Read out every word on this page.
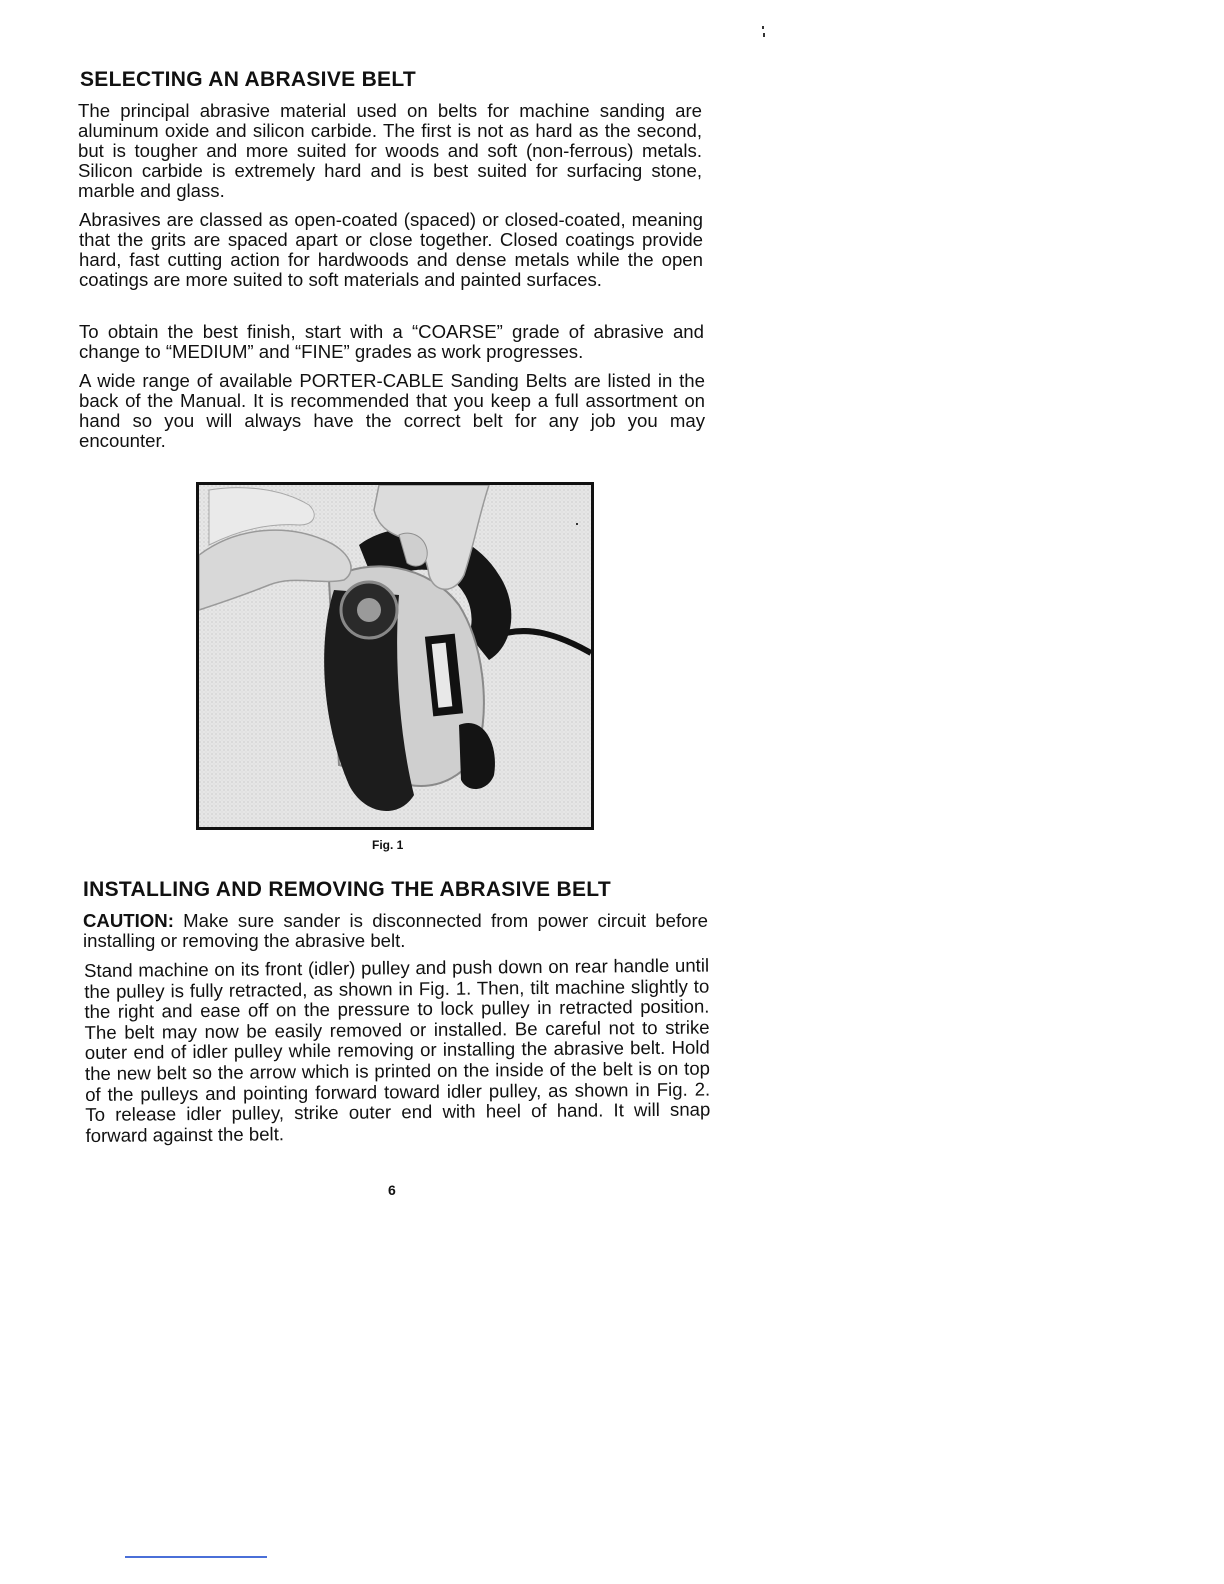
SELECTING AN ABRASIVE BELT

The principal abrasive material used on belts for machine sanding are aluminum oxide and silicon carbide. The first is not as hard as the second, but is tougher and more suited for woods and soft (non-ferrous) metals. Silicon carbide is extremely hard and is best suited for surfacing stone, marble and glass.

Abrasives are classed as open-coated (spaced) or closed-coated, meaning that the grits are spaced apart or close together. Closed coatings provide hard, fast cutting action for hardwoods and dense metals while the open coatings are more suited to soft materials and painted surfaces.

To obtain the best finish, start with a “COARSE” grade of abrasive and change to “MEDIUM” and “FINE” grades as work progresses.

A wide range of available PORTER-CABLE Sanding Belts are listed in the back of the Manual. It is recommended that you keep a full assortment on hand so you will always have the correct belt for any job you may encounter.

Fig. 1
INSTALLING AND REMOVING THE ABRASIVE BELT

CAUTION: Make sure sander is disconnected from power circuit before installing or removing the abrasive belt.

Stand machine on its front (idler) pulley and push down on rear handle until the pulley is fully retracted, as shown in Fig. 1. Then, tilt machine slightly to the right and ease off on the pressure to lock pulley in retracted position. The belt may now be easily removed or installed. Be careful not to strike outer end of idler pulley while removing or installing the abrasive belt. Hold the new belt so the arrow which is printed on the inside of the belt is on top of the pulleys and pointing forward toward idler pulley, as shown in Fig. 2. To release idler pulley, strike outer end with heel of hand. It will snap forward against the belt.

6
